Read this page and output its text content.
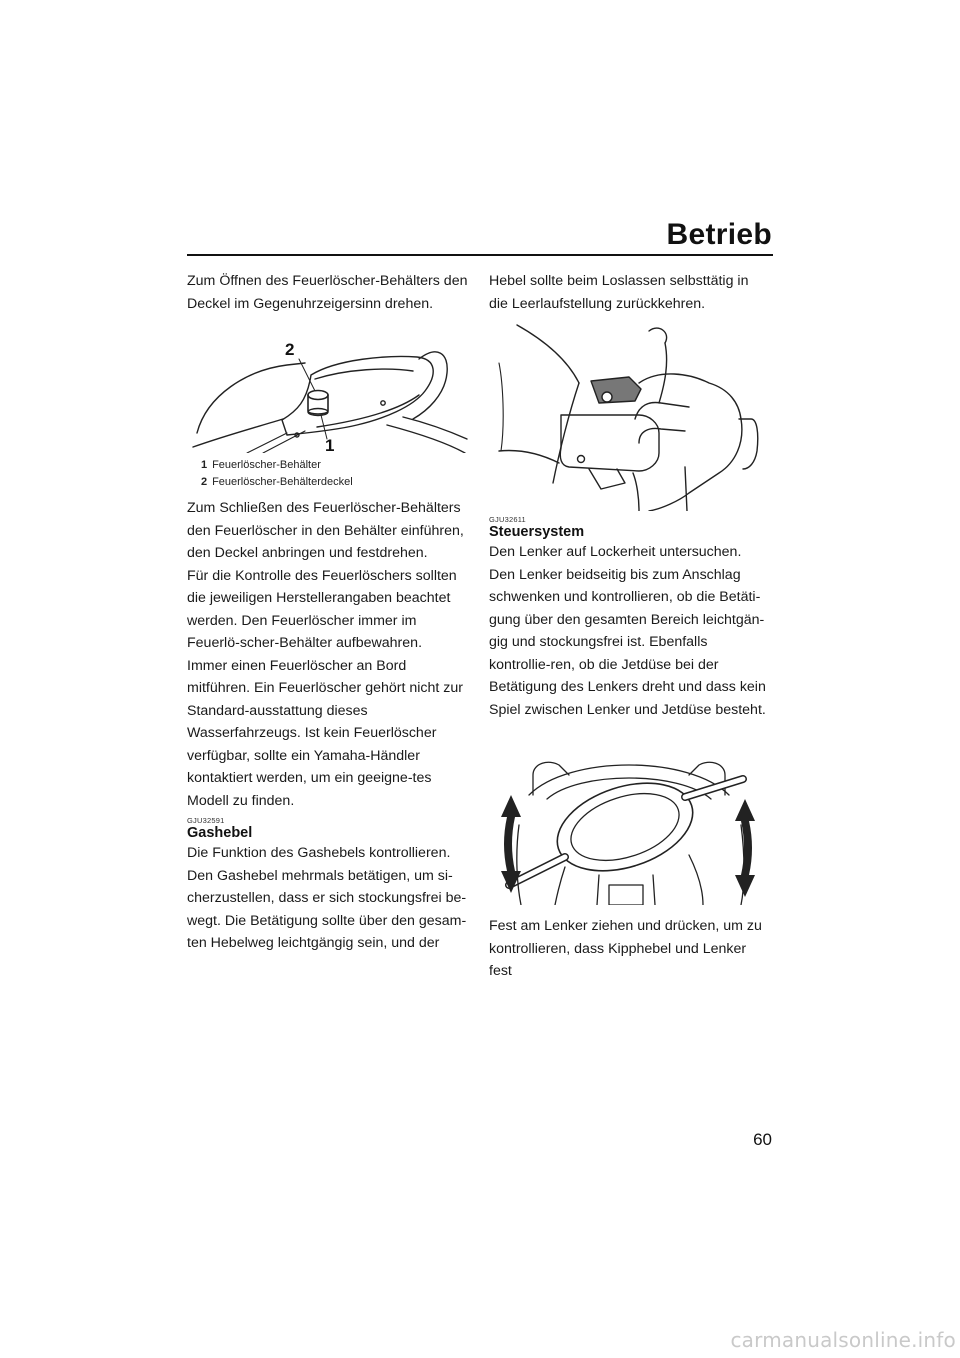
Betrieb

Zum Öffnen des Feuerlöscher-Behälters den Deckel im Gegenuhrzeigersinn drehen.

2
1
1 Feuerlöscher-Behälter
2 Feuerlöscher-Behälterdeckel

Zum Schließen des Feuerlöscher-Behälters den Feuerlöscher in den Behälter einführen, den Deckel anbringen und festdrehen.

Für die Kontrolle des Feuerlöschers sollten die jeweiligen Herstellerangaben beachtet werden. Den Feuerlöscher immer im Feuerlö-scher-Behälter aufbewahren.

Immer einen Feuerlöscher an Bord mitführen. Ein Feuerlöscher gehört nicht zur Standard-ausstattung dieses Wasserfahrzeugs. Ist kein Feuerlöscher verfügbar, sollte ein Yamaha-Händler kontaktiert werden, um ein geeigne-tes Modell zu finden.

GJU32591
Gashebel

Die Funktion des Gashebels kontrollieren.

Den Gashebel mehrmals betätigen, um si-cherzustellen, dass er sich stockungsfrei be-wegt. Die Betätigung sollte über den gesam-ten Hebelweg leichtgängig sein, und der

Hebel sollte beim Loslassen selbsttätig in die Leerlaufstellung zurückkehren.

GJU32611
Steuersystem

Den Lenker auf Lockerheit untersuchen.

Den Lenker beidseitig bis zum Anschlag schwenken und kontrollieren, ob die Betäti-gung über den gesamten Bereich leichtgän-gig und stockungsfrei ist. Ebenfalls kontrollie-ren, ob die Jetdüse bei der Betätigung des Lenkers dreht und dass kein Spiel zwischen Lenker und Jetdüse besteht.

Fest am Lenker ziehen und drücken, um zu kontrollieren, dass Kipphebel und Lenker fest

60
carmanualsonline.info
